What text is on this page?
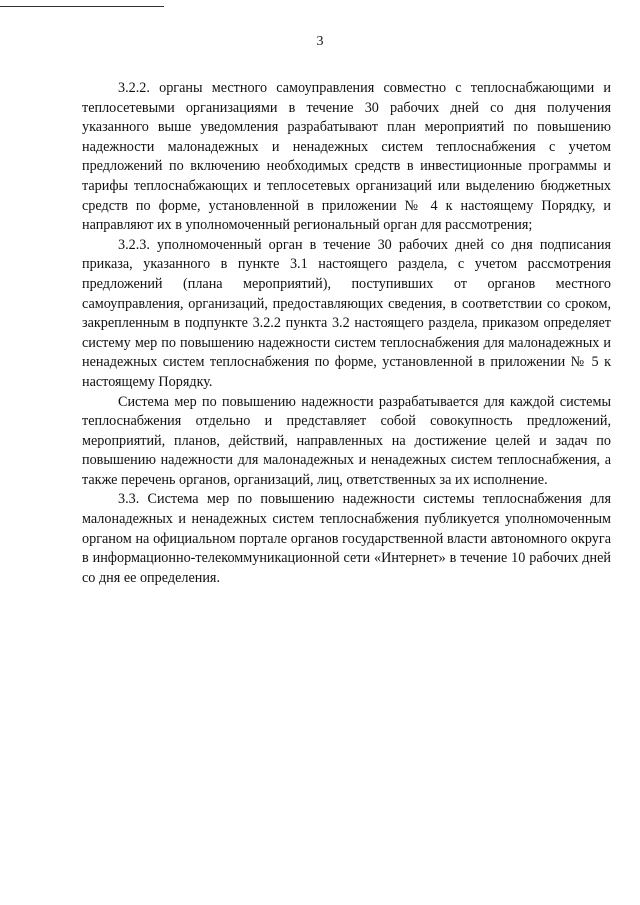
3

3.2.2. органы местного самоуправления совместно с теплоснабжающими и теплосетевыми организациями в течение 30 рабочих дней со дня получения указанного выше уведомления разрабатывают план мероприятий по повышению надежности малонадежных и ненадежных систем теплоснабжения с учетом предложений по включению необходимых средств в инвестиционные программы и тарифы теплоснабжающих и теплосетевых организаций или выделению бюджетных средств по форме, установленной в приложении № 4 к настоящему Порядку, и направляют их в уполномоченный региональный орган для рассмотрения;

3.2.3. уполномоченный орган в течение 30 рабочих дней со дня подписания приказа, указанного в пункте 3.1 настоящего раздела, с учетом рассмотрения предложений (плана мероприятий), поступивших от органов местного самоуправления, организаций, предоставляющих сведения, в соответствии со сроком, закрепленным в подпункте 3.2.2 пункта 3.2 настоящего раздела, приказом определяет систему мер по повышению надежности систем теплоснабжения для малонадежных и ненадежных систем теплоснабжения по форме, установленной в приложении № 5 к настоящему Порядку.

Система мер по повышению надежности разрабатывается для каждой системы теплоснабжения отдельно и представляет собой совокупность предложений, мероприятий, планов, действий, направленных на достижение целей и задач по повышению надежности для малонадежных и ненадежных систем теплоснабжения, а также перечень органов, организаций, лиц, ответственных за их исполнение.

3.3. Система мер по повышению надежности системы теплоснабжения для малонадежных и ненадежных систем теплоснабжения публикуется уполномоченным органом на официальном портале органов государственной власти автономного округа в информационно-телекоммуникационной сети «Интернет» в течение 10 рабочих дней со дня ее определения.
